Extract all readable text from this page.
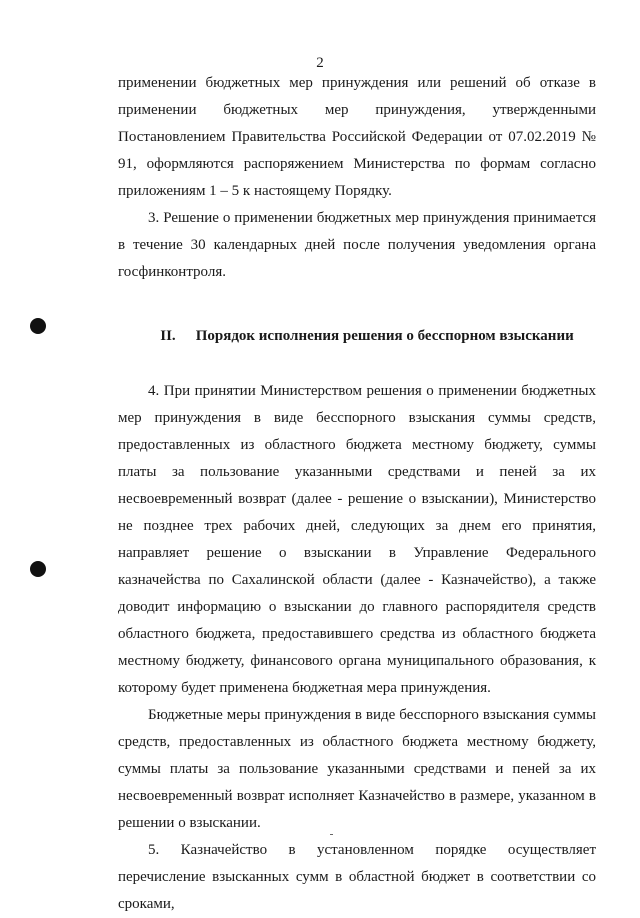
2

применении бюджетных мер принуждения или решений об отказе в применении бюджетных мер принуждения, утвержденными Постановлением Правительства Российской Федерации от 07.02.2019 № 91, оформляются распоряжением Министерства по формам согласно приложениям 1 – 5 к настоящему Порядку.

3. Решение о применении бюджетных мер принуждения принимается в течение 30 календарных дней после получения уведомления органа госфинконтроля.

II. Порядок исполнения решения о бесспорном взыскании

4. При принятии Министерством решения о применении бюджетных мер принуждения в виде бесспорного взыскания суммы средств, предоставленных из областного бюджета местному бюджету, суммы платы за пользование указанными средствами и пеней за их несвоевременный возврат (далее - решение о взыскании), Министерство не позднее трех рабочих дней, следующих за днем его принятия, направляет решение о взыскании в Управление Федерального казначейства по Сахалинской области (далее - Казначейство), а также доводит информацию о взыскании до главного распорядителя средств областного бюджета, предоставившего средства из областного бюджета местному бюджету, финансового органа муниципального образования, к которому будет применена бюджетная мера принуждения.

Бюджетные меры принуждения в виде бесспорного взыскания суммы средств, предоставленных из областного бюджета местному бюджету, суммы платы за пользование указанными средствами и пеней за их несвоевременный возврат исполняет Казначейство в размере, указанном в решении о взыскании.

5. Казначейство в установленном порядке осуществляет перечисление взысканных сумм в областной бюджет в соответствии со сроками,
